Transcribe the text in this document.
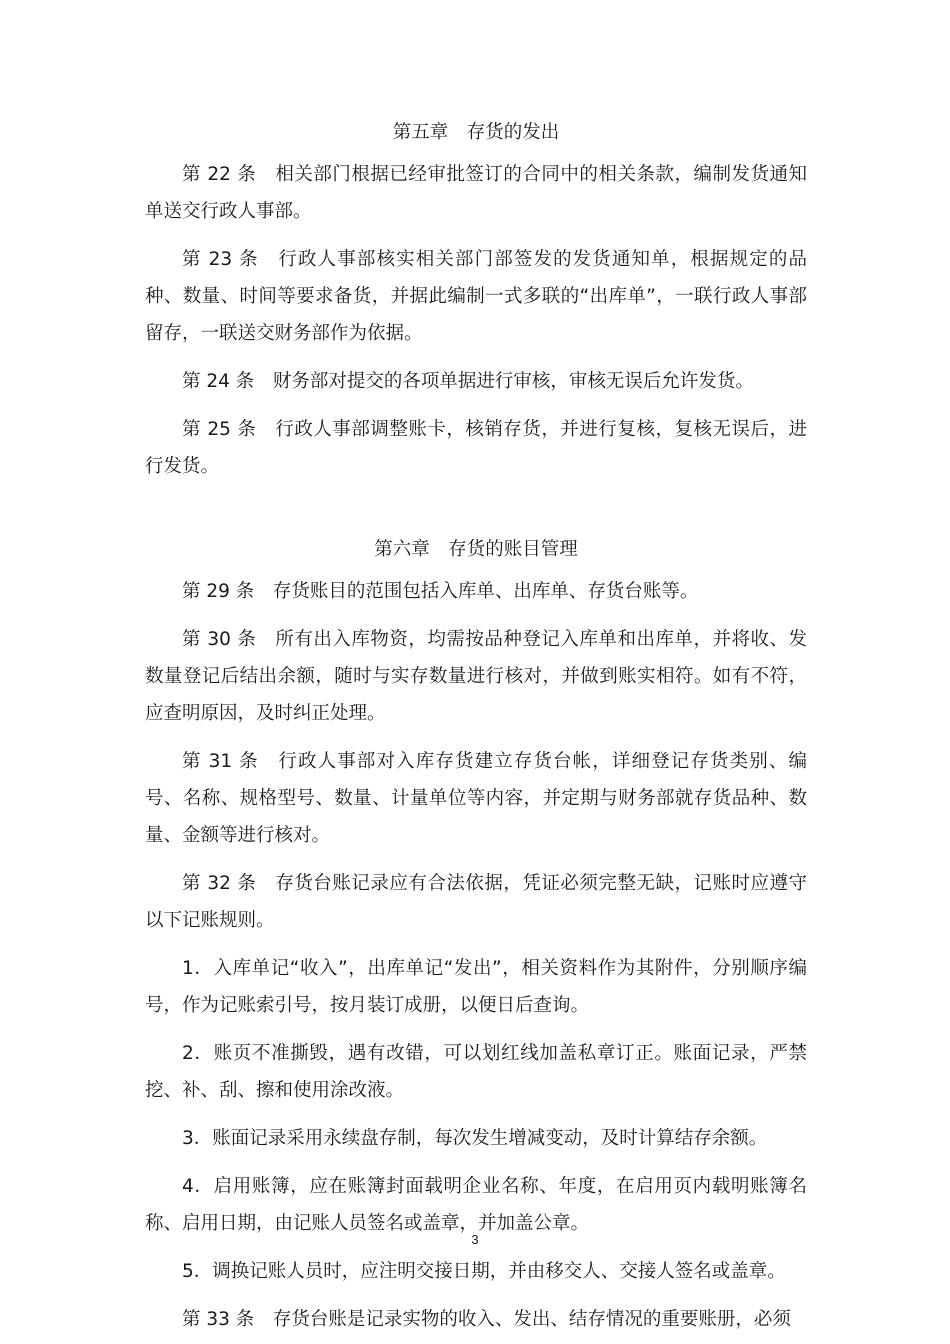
第五章　存货的发出

第 22 条　相关部门根据已经审批签订的合同中的相关条款，编制发货通知单送交行政人事部。

第 23 条　行政人事部核实相关部门部签发的发货通知单，根据规定的品种、数量、时间等要求备货，并据此编制一式多联的“出库单”，一联行政人事部留存，一联送交财务部作为依据。

第 24 条　财务部对提交的各项单据进行审核，审核无误后允许发货。

第 25 条　行政人事部调整账卡，核销存货，并进行复核，复核无误后，进行发货。

第六章　存货的账目管理

第 29 条　存货账目的范围包括入库单、出库单、存货台账等。

第 30 条　所有出入库物资，均需按品种登记入库单和出库单，并将收、发数量登记后结出余额，随时与实存数量进行核对，并做到账实相符。如有不符，应查明原因，及时纠正处理。

第 31 条　行政人事部对入库存货建立存货台帐，详细登记存货类别、编号、名称、规格型号、数量、计量单位等内容，并定期与财务部就存货品种、数量、金额等进行核对。

第 32 条　存货台账记录应有合法依据，凭证必须完整无缺，记账时应遵守以下记账规则。

1．入库单记“收入”，出库单记“发出”，相关资料作为其附件，分别顺序编号，作为记账索引号，按月装订成册，以便日后查询。

2．账页不准撕毁，遇有改错，可以划红线加盖私章订正。账面记录，严禁挖、补、刮、擦和使用涂改液。

3．账面记录采用永续盘存制，每次发生增减变动，及时计算结存余额。

4．启用账簿，应在账簿封面载明企业名称、年度，在启用页内载明账簿名称、启用日期，由记账人员签名或盖章，并加盖公章。

5．调换记账人员时，应注明交接日期，并由移交人、交接人签名或盖章。

第 33 条　存货台账是记录实物的收入、发出、结存情况的重要账册，必须

3
